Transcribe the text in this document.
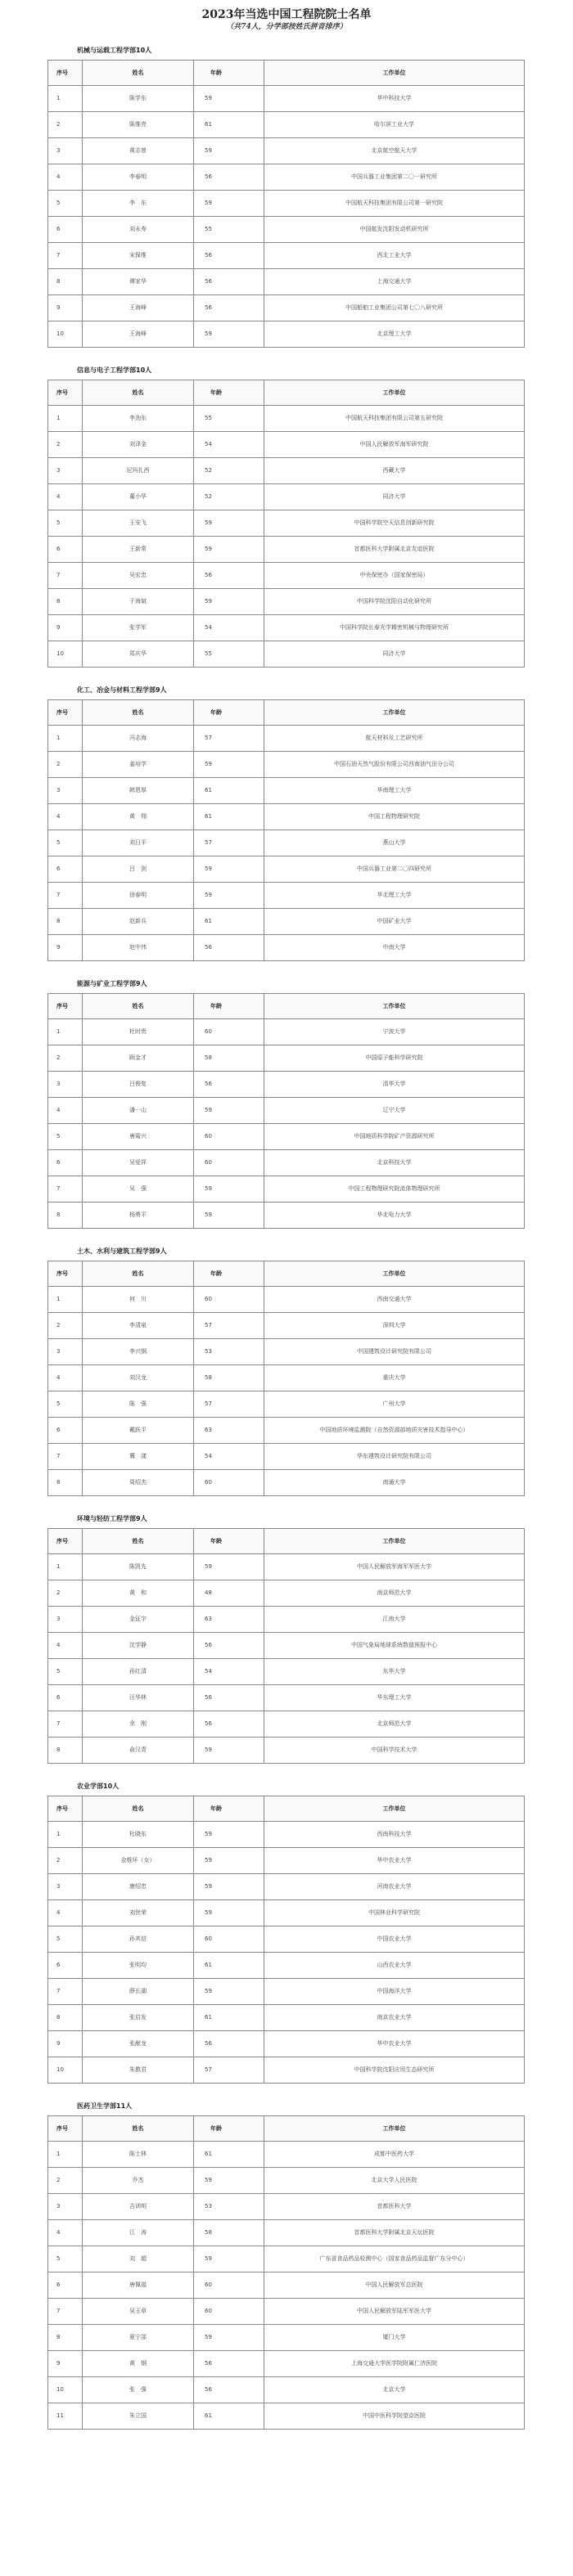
2023年当选中国工程院院士名单
（共74人，分学部按姓氏拼音排序）
机械与运载工程学部10人
序号	姓名	年龄	工作单位
1	陈学东	59	华中科技大学
2	陈维亮	61	哈尔滨工业大学
3	黄志曾	59	北京航空航天大学
4	李春明	56	中国兵器工业集团第二〇一研究所
5	李　东	59	中国航天科技集团有限公司第一研究院
6	刘永寿	55	中国航发沈阳发动机研究所
7	宋保维	56	西北工业大学
8	谭家华	56	上海交通大学
9	王海峰	56	中国船舶工业集团公司第七〇八研究所
10	王海峰	59	北京理工大学
信息与电子工程学部10人
序号	姓名	年龄	工作单位
1	李劲东	55	中国航天科技集团有限公司第五研究院
2	刘泽金	54	中国人民解放军海军研究院
3	尼玛扎西	52	西藏大学
4	董小华	52	同济大学
5	王安飞	59	中国科学院空天信息创新研究院
6	王新常	59	首都医科大学附属北京友谊医院
7	吴宏忠	56	中央保密办（国家保密局）
8	于海斌	59	中国科学院沈阳自动化研究所
9	张学军	54	中国科学院长春光学精密机械与物理研究所
10	郑庆华	55	同济大学
化工、冶金与材料工程学部9人
序号	姓名	年龄	工作单位
1	冯志海	57	航天材料及工艺研究所
2	姜培学	59	中国石油天然气股份有限公司西南油气田分公司
3	韩恩厚	61	华南理工大学
4	黄　翔	61	中国工程物理研究院
5	刘日平	57	燕山大学
6	吕　剑	59	中国兵器工业第二〇四研究所
7	徐春明	59	华北理工大学
8	赵新兵	61	中国矿业大学
9	赵中伟	56	中南大学
能源与矿业工程学部9人
序号	姓名	年龄	工作单位
1	杜时贵	60	宁波大学
2	顾金才	58	中国原子能科学研究院
3	吕俊复	56	清华大学
4	潘一山	59	辽宁大学
5	唐菊兴	60	中国地质科学院矿产资源研究所
6	吴爱祥	60	北京科技大学
7	吴　强	59	中国工程物理研究院流体物理研究所
8	杨勇平	59	华北电力大学
土木、水利与建筑工程学部9人
序号	姓名	年龄	工作单位
1	何　川	60	西南交通大学
2	李清泉	57	深圳大学
3	李兴钢	53	中国建筑设计研究院有限公司
4	刘汉龙	58	重庆大学
5	陈　强	57	广州大学
6	戴跃平	63	中国地质环境监测院（自然资源部地质灾害技术指导中心）
7	冀　漾	54	华东建筑设计研究院有限公司
8	周绍杰	60	南通大学
环境与轻纺工程学部9人
序号	姓名	年龄	工作单位
1	陈凯先	59	中国人民解放军海军军医大学
2	黄　和	48	南京师范大学
3	金征宇	63	江南大学
4	沈学静	56	中国气象局地球系统数值预报中心
5	孙红清	54	东华大学
6	汪华林	56	华东理工大学
7	余　刚	56	北京师范大学
8	俞汉青	59	中国科学技术大学
农业学部10人
序号	姓名	年龄	工作单位
1	杜晓东	59	西南科技大学
2	金维环（女）	59	华中农业大学
3	康绍忠	59	河南农业大学
4	刘世荣	59	中国林业科学研究院
5	孙其信	60	中国农业大学
6	张明均	61	山西农业大学
7	薛长湖	59	中国海洋大学
8	张启发	61	南京农业大学
9	张献龙	56	华中农业大学
10	朱教君	57	中国科学院沈阳应用生态研究所
医药卫生学部11人
序号	姓名	年龄	工作单位
1	陈士林	61	成都中医药大学
2	乔杰	59	北京大学人民医院
3	吉训明	53	首都医科大学
4	江　涛	58	首都医科大学附属北京天坛医院
5	刘　超	59	广东省食品药品检测中心（国家食品药品监督广东分中心）
6	唐佩福	60	中国人民解放军总医院
7	吴玉章	60	中国人民解放军陆军军医大学
8	夏宁邵	59	厦门大学
9	黄　钢	56	上海交通大学医学院附属仁济医院
10	张　强	56	北京大学
11	朱立国	61	中国中医科学院望京医院
